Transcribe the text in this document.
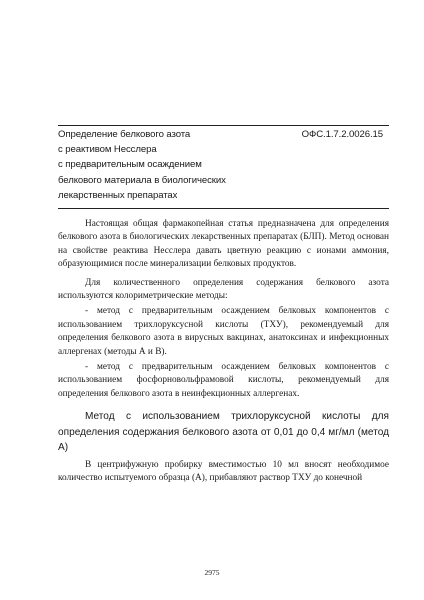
ОФС.1.7.2.0026.15
Определение белкового азота
с реактивом Несслера
с предварительным осаждением
белкового материала в биологических
лекарственных препаратах

Настоящая общая фармакопейная статья предназначена для определения белкового азота в биологических лекарственных препаратах (БЛП). Метод основан на свойстве реактива Несслера давать цветную реакцию с ионами аммония, образующимися после минерализации белковых продуктов.

Для количественного определения содержания белкового азота используются колориметрические методы:

- метод с предварительным осаждением белковых компонентов с использованием трихлоруксусной кислоты (ТХУ), рекомендуемый для определения белкового азота в вирусных вакцинах, анатоксинах и инфекционных аллергенах (методы А и В).

- метод с предварительным осаждением белковых компонентов с использованием фосфорновольфрамовой кислоты, рекомендуемый для определения белкового азота в неинфекционных аллергенах.

Метод с использованием трихлоруксусной кислоты для определения содержания белкового азота от 0,01 до 0,4 мг/мл (метод А)

В центрифужную пробирку вместимостью 10 мл вносят необходимое количество испытуемого образца (А), прибавляют раствор ТХУ до конечной

2975
